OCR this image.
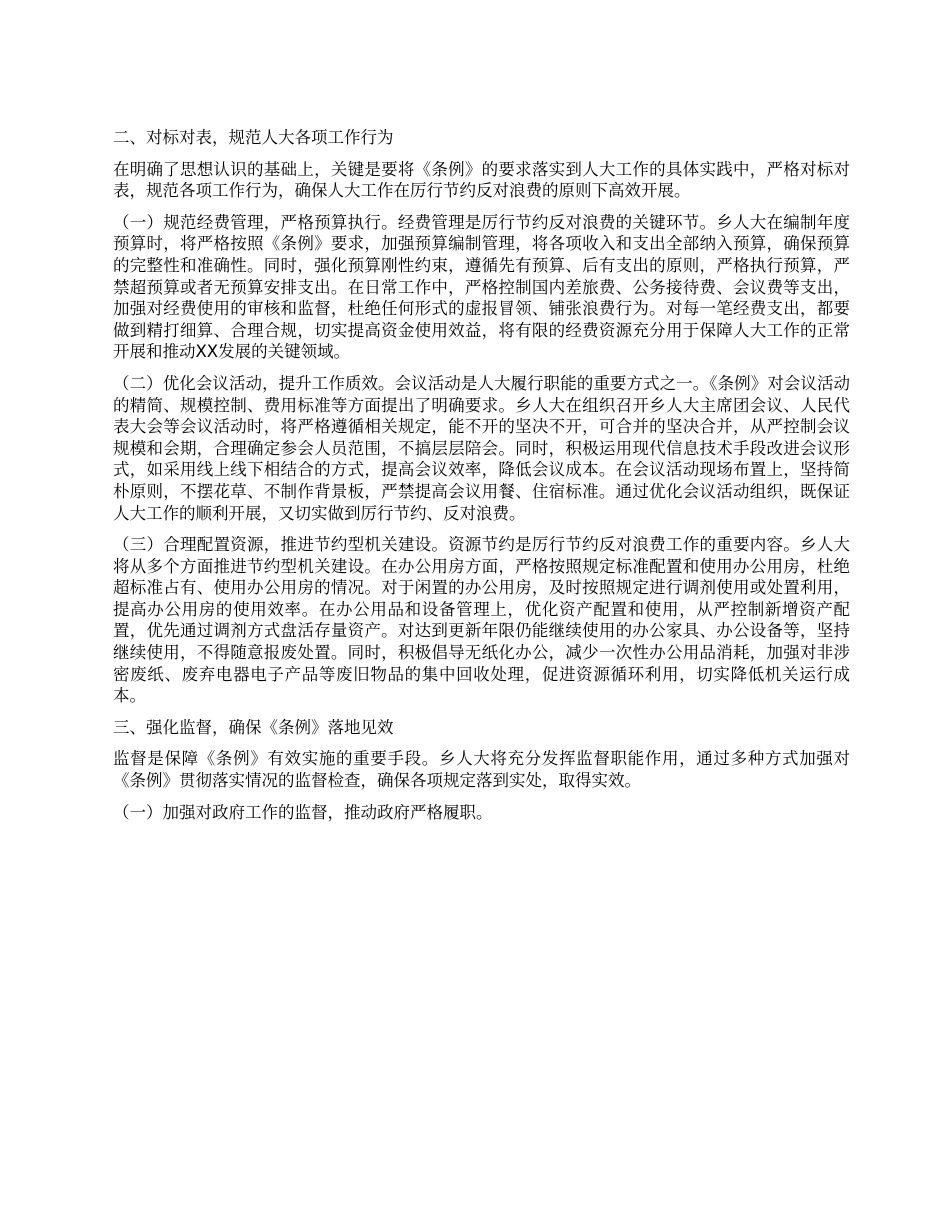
二、对标对表，规范人大各项工作行为

在明确了思想认识的基础上，关键是要将《条例》的要求落实到人大工作的具体实践中，严格对标对表，规范各项工作行为，确保人大工作在厉行节约反对浪费的原则下高效开展。

（一）规范经费管理，严格预算执行。经费管理是厉行节约反对浪费的关键环节。乡人大在编制年度预算时，将严格按照《条例》要求，加强预算编制管理，将各项收入和支出全部纳入预算，确保预算的完整性和准确性。同时，强化预算刚性约束，遵循先有预算、后有支出的原则，严格执行预算，严禁超预算或者无预算安排支出。在日常工作中，严格控制国内差旅费、公务接待费、会议费等支出，加强对经费使用的审核和监督，杜绝任何形式的虚报冒领、铺张浪费行为。对每一笔经费支出，都要做到精打细算、合理合规，切实提高资金使用效益，将有限的经费资源充分用于保障人大工作的正常开展和推动XX发展的关键领域。

（二）优化会议活动，提升工作质效。会议活动是人大履行职能的重要方式之一。《条例》对会议活动的精简、规模控制、费用标准等方面提出了明确要求。乡人大在组织召开乡人大主席团会议、人民代表大会等会议活动时，将严格遵循相关规定，能不开的坚决不开，可合并的坚决合并，从严控制会议规模和会期，合理确定参会人员范围，不搞层层陪会。同时，积极运用现代信息技术手段改进会议形式，如采用线上线下相结合的方式，提高会议效率，降低会议成本。在会议活动现场布置上，坚持简朴原则，不摆花草、不制作背景板，严禁提高会议用餐、住宿标准。通过优化会议活动组织，既保证人大工作的顺利开展，又切实做到厉行节约、反对浪费。

（三）合理配置资源，推进节约型机关建设。资源节约是厉行节约反对浪费工作的重要内容。乡人大将从多个方面推进节约型机关建设。在办公用房方面，严格按照规定标准配置和使用办公用房，杜绝超标准占有、使用办公用房的情况。对于闲置的办公用房，及时按照规定进行调剂使用或处置利用，提高办公用房的使用效率。在办公用品和设备管理上，优化资产配置和使用，从严控制新增资产配置，优先通过调剂方式盘活存量资产。对达到更新年限仍能继续使用的办公家具、办公设备等，坚持继续使用，不得随意报废处置。同时，积极倡导无纸化办公，减少一次性办公用品消耗，加强对非涉密废纸、废弃电器电子产品等废旧物品的集中回收处理，促进资源循环利用，切实降低机关运行成本。

三、强化监督，确保《条例》落地见效

监督是保障《条例》有效实施的重要手段。乡人大将充分发挥监督职能作用，通过多种方式加强对《条例》贯彻落实情况的监督检查，确保各项规定落到实处，取得实效。

（一）加强对政府工作的监督，推动政府严格履职。
